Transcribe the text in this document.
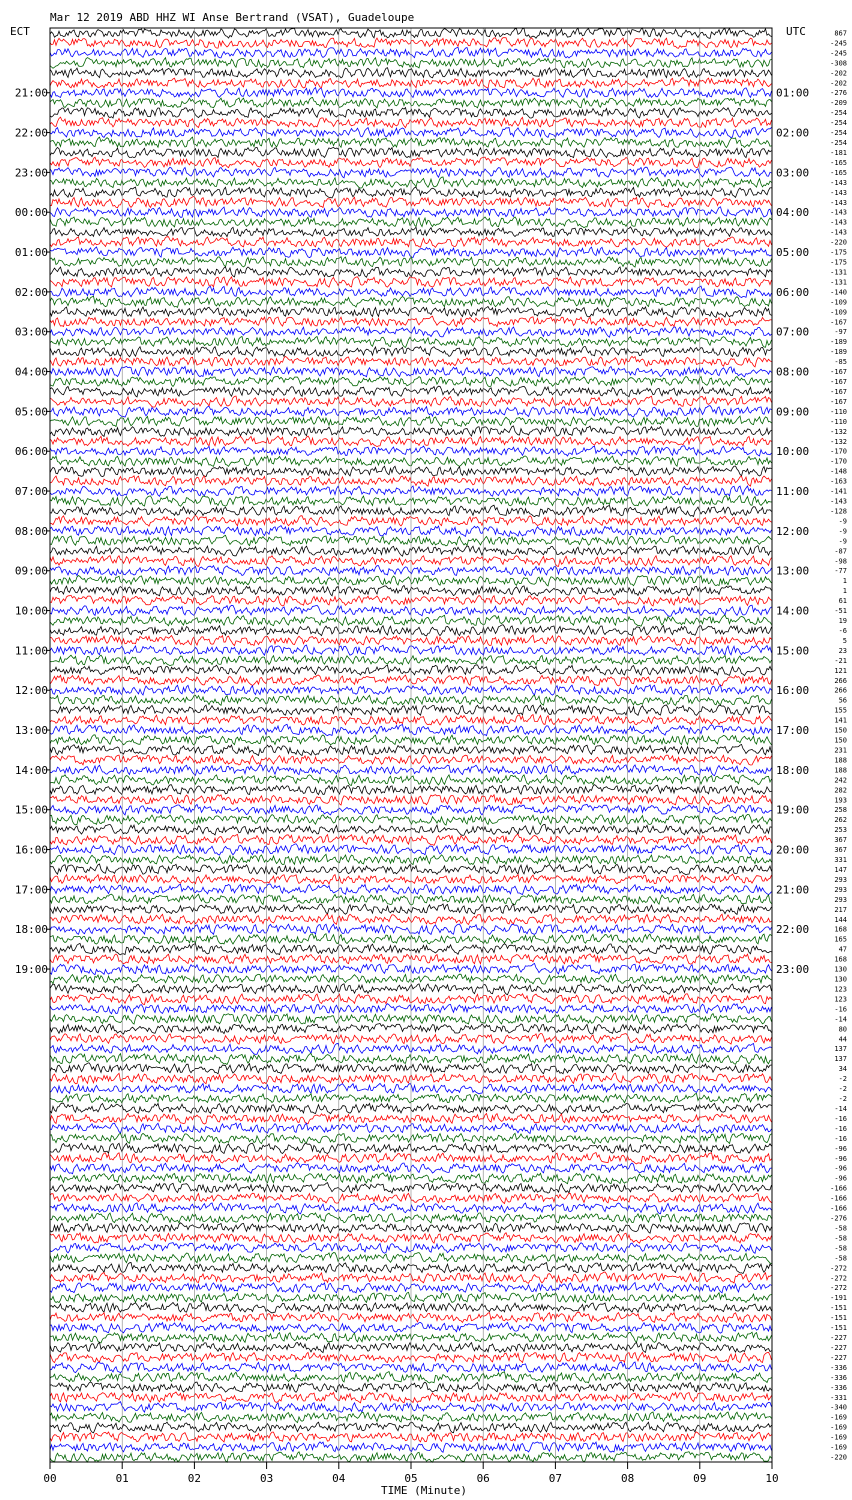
Mar 12 2019 ABD HHZ WI Anse Bertrand (VSAT), Guadeloupe
ECT	UTC
21:00
22:00
23:00
00:00
01:00
02:00
03:00
04:00
05:00
06:00
07:00
08:00
09:00
10:00
11:00
12:00
13:00
14:00
15:00
16:00
17:00
18:00
19:00
01:00
02:00
03:00
04:00
05:00
06:00
07:00
08:00
09:00
10:00
11:00
12:00
13:00
14:00
15:00
16:00
17:00
18:00
19:00
20:00
21:00
22:00
23:00
867
-245
-245
-308
-202
-202
-276
-209
-254
-254
-254
-254
-181
-165
-165
-143
-143
-143
-143
-143
-143
-220
-175
-175
-131
-131
-140
-109
-109
-167
-97
-189
-189
-85
-167
-167
-167
-167
-110
-110
-132
-132
-170
-170
-148
-163
-141
-143
-128
-9
-9
-9
-87
-98
-77
1
1
61
-51
19
-6
5
23
-21
121
266
266
56
155
141
150
150
231
188
188
242
282
193
258
262
253
367
367
331
147
293
293
293
217
144
168
165
47
168
130
130
123
123
-16
-14
80
44
137
137
34
-2
-2
-2
-14
-16
-16
-16
-96
-96
-96
-96
-166
-166
-166
-276
-58
-58
-58
-58
-272
-272
-272
-191
-151
-151
-151
-227
-227
-227
-336
-336
-336
-331
-340
-169
-169
-169
-169
-220
00	01	02	03	04	05	06	07	08	09	10
TIME (Minute)
